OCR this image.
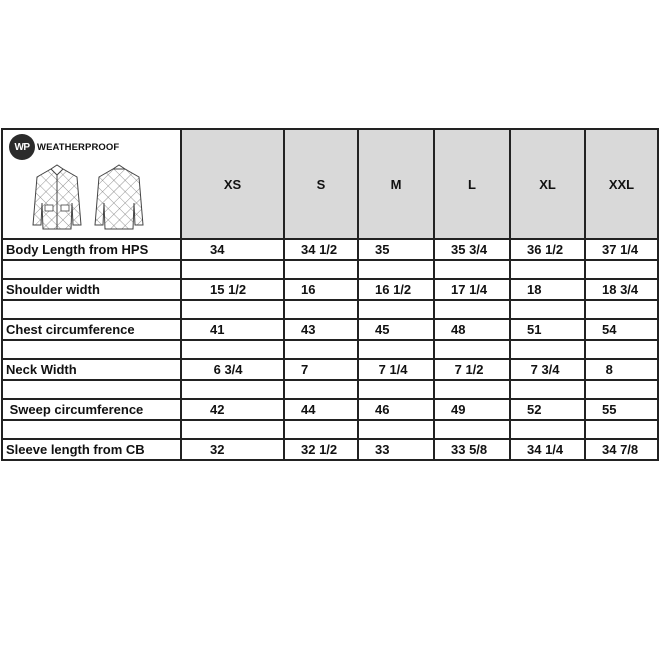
WP WEATHERPROOF	XS	S	M	L	XL	XXL
Body Length from HPS	34	34 1/2	35	35 3/4	36 1/2	37 1/4

Shoulder width	15 1/2	16	16 1/2	17 1/4	18	18 3/4

Chest circumference	41	43	45	48	51	54

Neck Width	6 3/4	7	7 1/4	7 1/2	7 3/4	8

Sweep circumference	42	44	46	49	52	55

Sleeve length from CB	32	32 1/2	33	33 5/8	34 1/4	34 7/8
